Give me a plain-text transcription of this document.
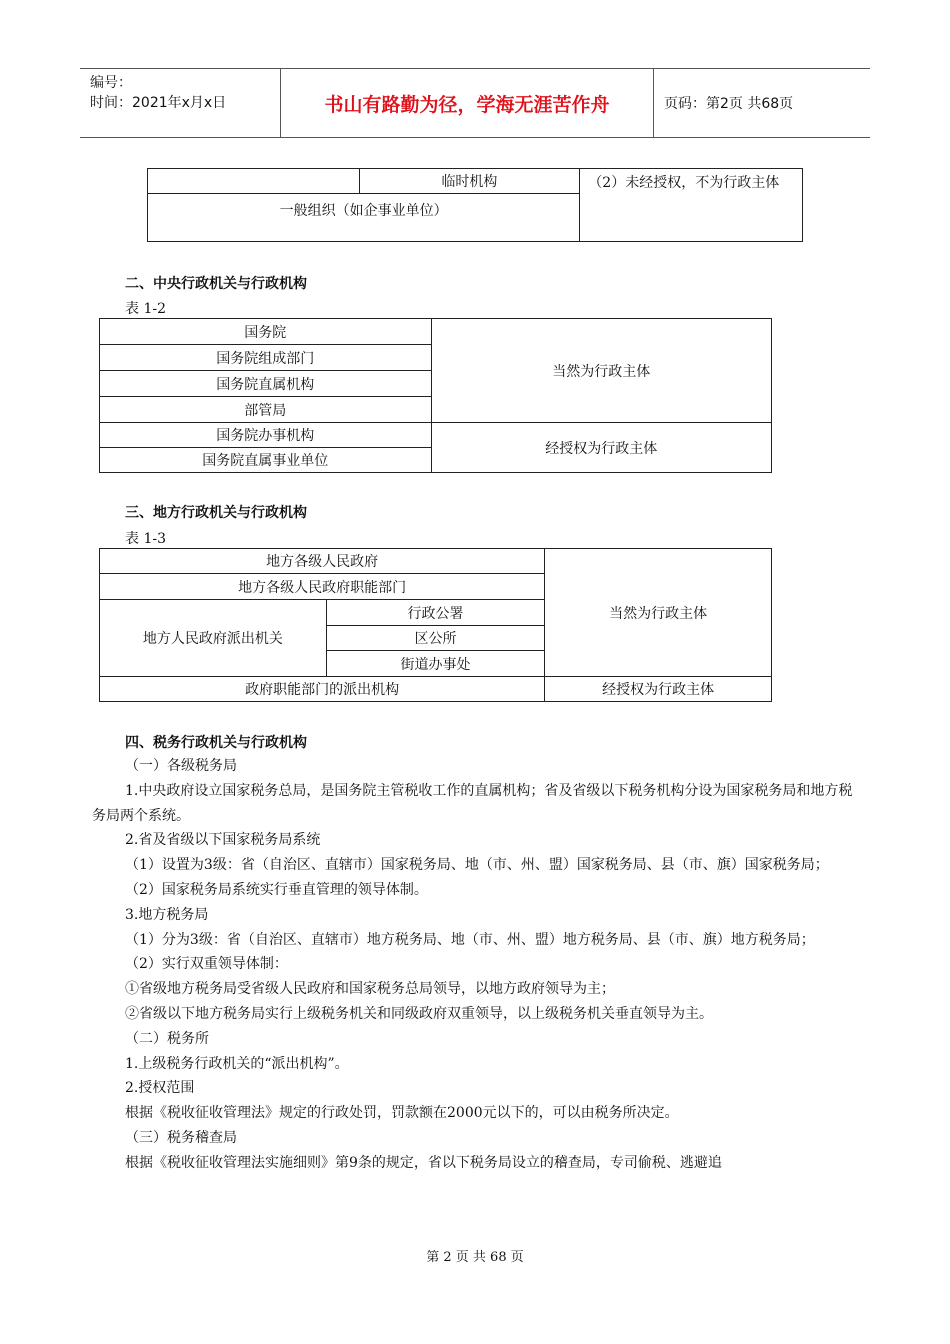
编号：
时间：2021年x月x日	书山有路勤为径，学海无涯苦作舟	页码：第2页 共68页
	临时机构	（2）未经授权，不为行政主体
一般组织（如企事业单位）
二、中央行政机关与行政机构
表 1-2
国务院	当然为行政主体
国务院组成部门	
国务院直属机构	
部管局	
国务院办事机构	经授权为行政主体
国务院直属事业单位	
三、地方行政机关与行政机构
表 1-3
地方各级人民政府		当然为行政主体
地方各级人民政府职能部门		
地方人民政府派出机关	行政公署	
	区公所	
	街道办事处	
政府职能部门的派出机构		经授权为行政主体
四、税务行政机关与行政机构

（一）各级税务局

1.中央政府设立国家税务总局，是国务院主管税收工作的直属机构；省及省级以下税务机构分设为国家税务局和地方税务局两个系统。

2.省及省级以下国家税务局系统

（1）设置为3级：省（自治区、直辖市）国家税务局、地（市、州、盟）国家税务局、县（市、旗）国家税务局；

（2）国家税务局系统实行垂直管理的领导体制。

3.地方税务局

（1）分为3级：省（自治区、直辖市）地方税务局、地（市、州、盟）地方税务局、县（市、旗）地方税务局；

（2）实行双重领导体制：

①省级地方税务局受省级人民政府和国家税务总局领导，以地方政府领导为主；

②省级以下地方税务局实行上级税务机关和同级政府双重领导，以上级税务机关垂直领导为主。

（二）税务所

1.上级税务行政机关的“派出机构”。

2.授权范围

根据《税收征收管理法》规定的行政处罚，罚款额在2000元以下的，可以由税务所决定。

（三）税务稽查局

根据《税收征收管理法实施细则》第9条的规定，省以下税务局设立的稽查局，专司偷税、逃避追

第 2 页 共 68 页
